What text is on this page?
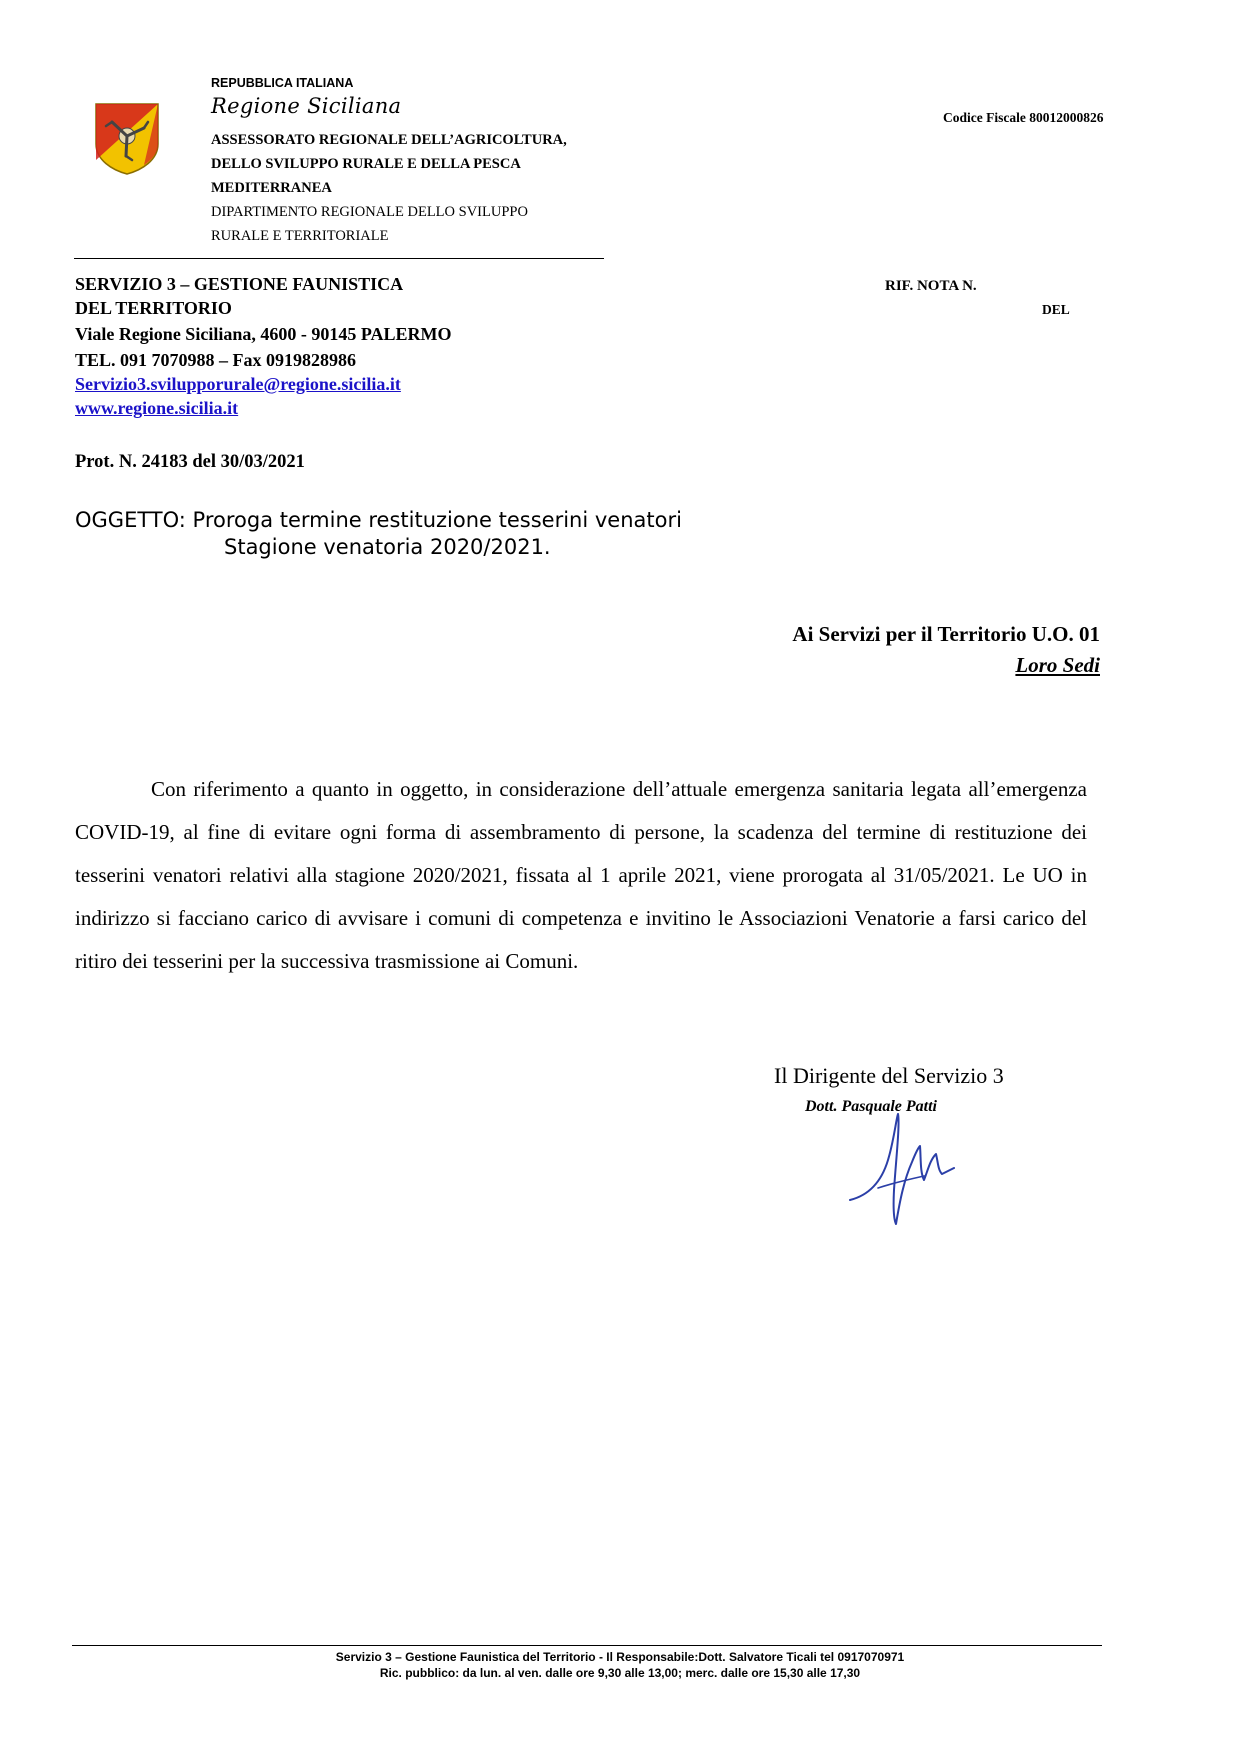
REPUBBLICA ITALIANA
Regione Siciliana
ASSESSORATO REGIONALE DELL’AGRICOLTURA,
DELLO SVILUPPO RURALE E DELLA PESCA
MEDITERRANEA
DIPARTIMENTO REGIONALE DELLO SVILUPPO
RURALE E TERRITORIALE
Codice Fiscale 80012000826
SERVIZIO 3 – GESTIONE FAUNISTICA
DEL TERRITORIO
Viale Regione Siciliana, 4600 - 90145 PALERMO
TEL. 091 7070988 – Fax 0919828986
Servizio3.svilupporurale@regione.sicilia.it
www.regione.sicilia.it
RIF. NOTA N.
DEL
Prot. N. 24183 del 30/03/2021
OGGETTO: Proroga termine restituzione tesserini venatori
Stagione venatoria 2020/2021.
Ai Servizi per il Territorio U.O. 01
Loro Sedi
Con riferimento a quanto in oggetto, in considerazione dell’attuale emergenza sanitaria legata all’emergenza COVID-19, al fine di evitare ogni forma di assembramento di persone, la scadenza del termine di restituzione dei tesserini venatori relativi alla stagione 2020/2021, fissata al 1 aprile 2021, viene prorogata al 31/05/2021. Le UO in indirizzo si facciano carico di avvisare i comuni di competenza e invitino le Associazioni Venatorie a farsi carico del ritiro dei tesserini per la successiva trasmissione ai Comuni.
Il Dirigente del Servizio 3
Dott. Pasquale Patti
Servizio 3 – Gestione Faunistica del Territorio - Il Responsabile:Dott. Salvatore Ticali tel 0917070971
Ric. pubblico: da lun. al ven. dalle ore 9,30 alle 13,00; merc. dalle ore 15,30 alle 17,30
